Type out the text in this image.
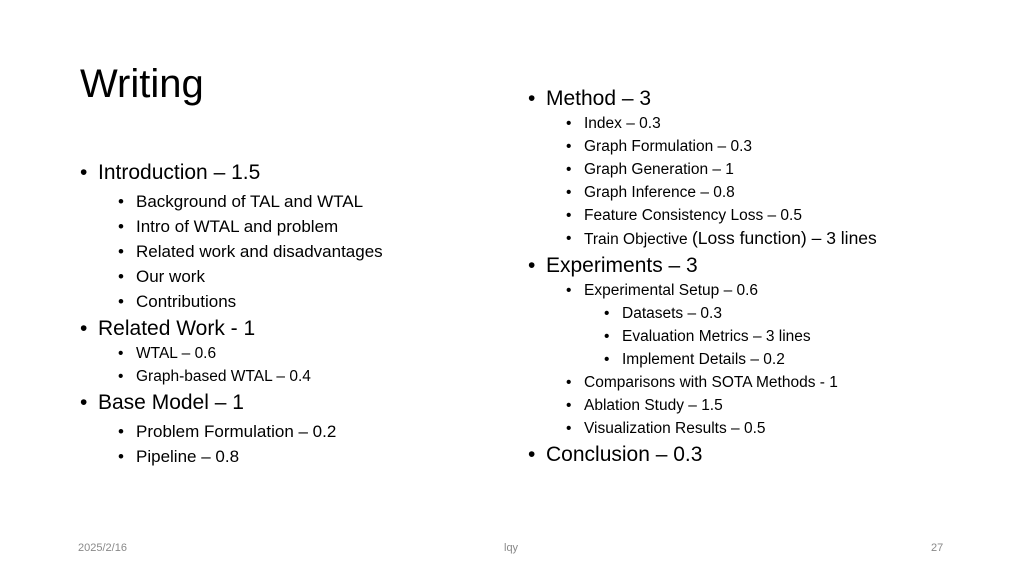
Writing
• Introduction – 1.5
• Background of TAL and WTAL
• Intro of WTAL and problem
• Related work and disadvantages
• Our work
• Contributions
• Related Work - 1
• WTAL – 0.6
• Graph-based WTAL – 0.4
• Base Model – 1
• Problem Formulation – 0.2
• Pipeline – 0.8
• Method – 3
• Index – 0.3
• Graph Formulation – 0.3
• Graph Generation – 1
• Graph Inference – 0.8
• Feature Consistency Loss – 0.5
• Train Objective (Loss function) – 3 lines
• Experiments – 3
• Experimental Setup – 0.6
• Datasets – 0.3
• Evaluation Metrics – 3 lines
• Implement Details – 0.2
• Comparisons with SOTA Methods - 1
• Ablation Study – 1.5
• Visualization Results – 0.5
• Conclusion – 0.3
2025/2/16	lqy	27
